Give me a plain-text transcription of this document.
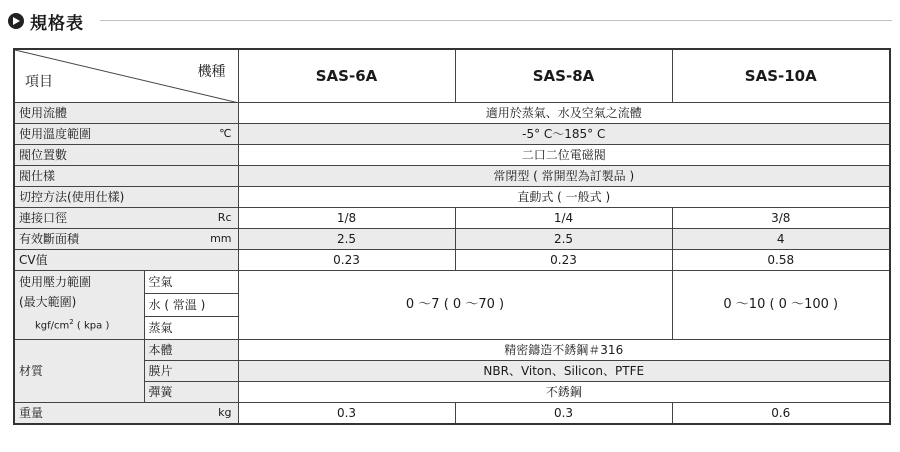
規格表
機種
項目		SAS-6A	SAS-8A	SAS-10A
使用流體		適用於蒸氣、水及空氣之流體		
使用溫度範圍 ℃		-5° C～185° C		
閥位置數		二口二位電磁閥		
閥仕樣		常閉型 ( 常開型為訂製品 )		
切控方法(使用仕樣)		直動式 ( 一般式 )		
連接口徑 Rc		1/8	1/4	3/8
有效斷面積 mm		2.5	2.5	4
CV值		0.23	0.23	0.58

使用壓力範圍
(最大範圍)
kgf/$cm^2$ ( kpa )	空氣	0 ～7 ( 0 ～70 )		0 ～10 ( 0 ～100 )
	水 ( 常溫 )			
	蒸氣			
材質	本體	精密鑄造不銹鋼＃316		
	膜片	NBR、Viton、Silicon、PTFE		
	彈簧	不銹鋼		
重量 kg		0.3	0.3	0.6
